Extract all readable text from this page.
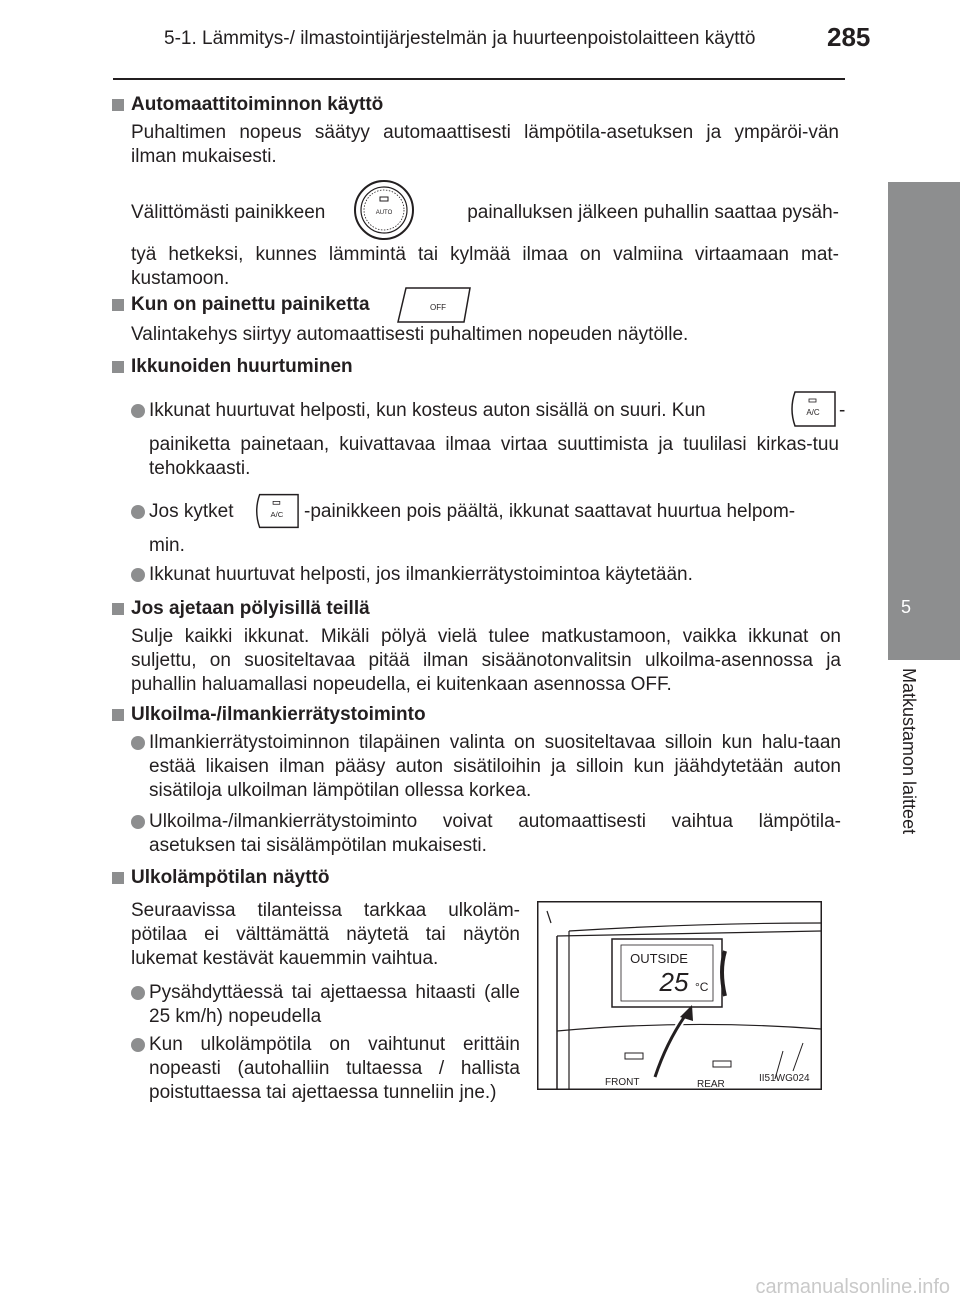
5-1. Lämmitys-/ ilmastointijärjestelmän ja huurteenpoistolaitteen käyttö	285
5
Matkustamon laitteet
Automaattitoiminnon käyttö
Puhaltimen nopeus säätyy automaattisesti lämpötila-asetuksen ja ympäröi-vän ilman mukaisesti.
Välittömästi painikkeen	AUTO	painalluksen jälkeen puhallin saattaa pysäh-
tyä hetkeksi, kunnes lämmintä tai kylmää ilmaa on valmiina virtaamaan mat-kustamoon.
Kun on painettu painiketta	OFF
Valintakehys siirtyy automaattisesti puhaltimen nopeuden näytölle.
Ikkunoiden huurtuminen
Ikkunat huurtuvat helposti, kun kosteus auton sisällä on suuri. Kun	A/C -
painiketta painetaan, kuivattavaa ilmaa virtaa suuttimista ja tuulilasi kirkas-tuu tehokkaasti.
Jos kytket	A/C -painikkeen pois päältä, ikkunat saattavat huurtua helpom-
min.
Ikkunat huurtuvat helposti, jos ilmankierrätystoimintoa käytetään.
Jos ajetaan pölyisillä teillä
Sulje kaikki ikkunat. Mikäli pölyä vielä tulee matkustamoon, vaikka ikkunat on suljettu, on suositeltavaa pitää ilman sisäänotonvalitsin ulkoilma-asennossa ja puhallin haluamallasi nopeudella, ei kuitenkaan asennossa OFF.
Ulkoilma-/ilmankierrätystoiminto
Ilmankierrätystoiminnon tilapäinen valinta on suositeltavaa silloin kun halu-taan estää likaisen ilman pääsy auton sisätiloihin ja silloin kun jäähdytetään auton sisätiloja ulkoilman lämpötilan ollessa korkea.
Ulkoilma-/ilmankierrätystoiminto voivat automaattisesti vaihtua lämpötila-asetuksen tai sisälämpötilan mukaisesti.
Ulkolämpötilan näyttö
Seuraavissa tilanteissa tarkkaa ulkoläm-pötilaa ei välttämättä näytetä tai näytön lukemat kestävät kauemmin vaihtua.
Pysähdyttäessä tai ajettaessa hitaasti (alle 25 km/h) nopeudella
Kun ulkolämpötila on vaihtunut erittäin nopeasti (autohalliin tultaessa / hallista poistuttaessa tai ajettaessa tunneliin jne.)
OUTSIDE
25 °C
FRONT	REAR
II51WG024
carmanualsonline.info
